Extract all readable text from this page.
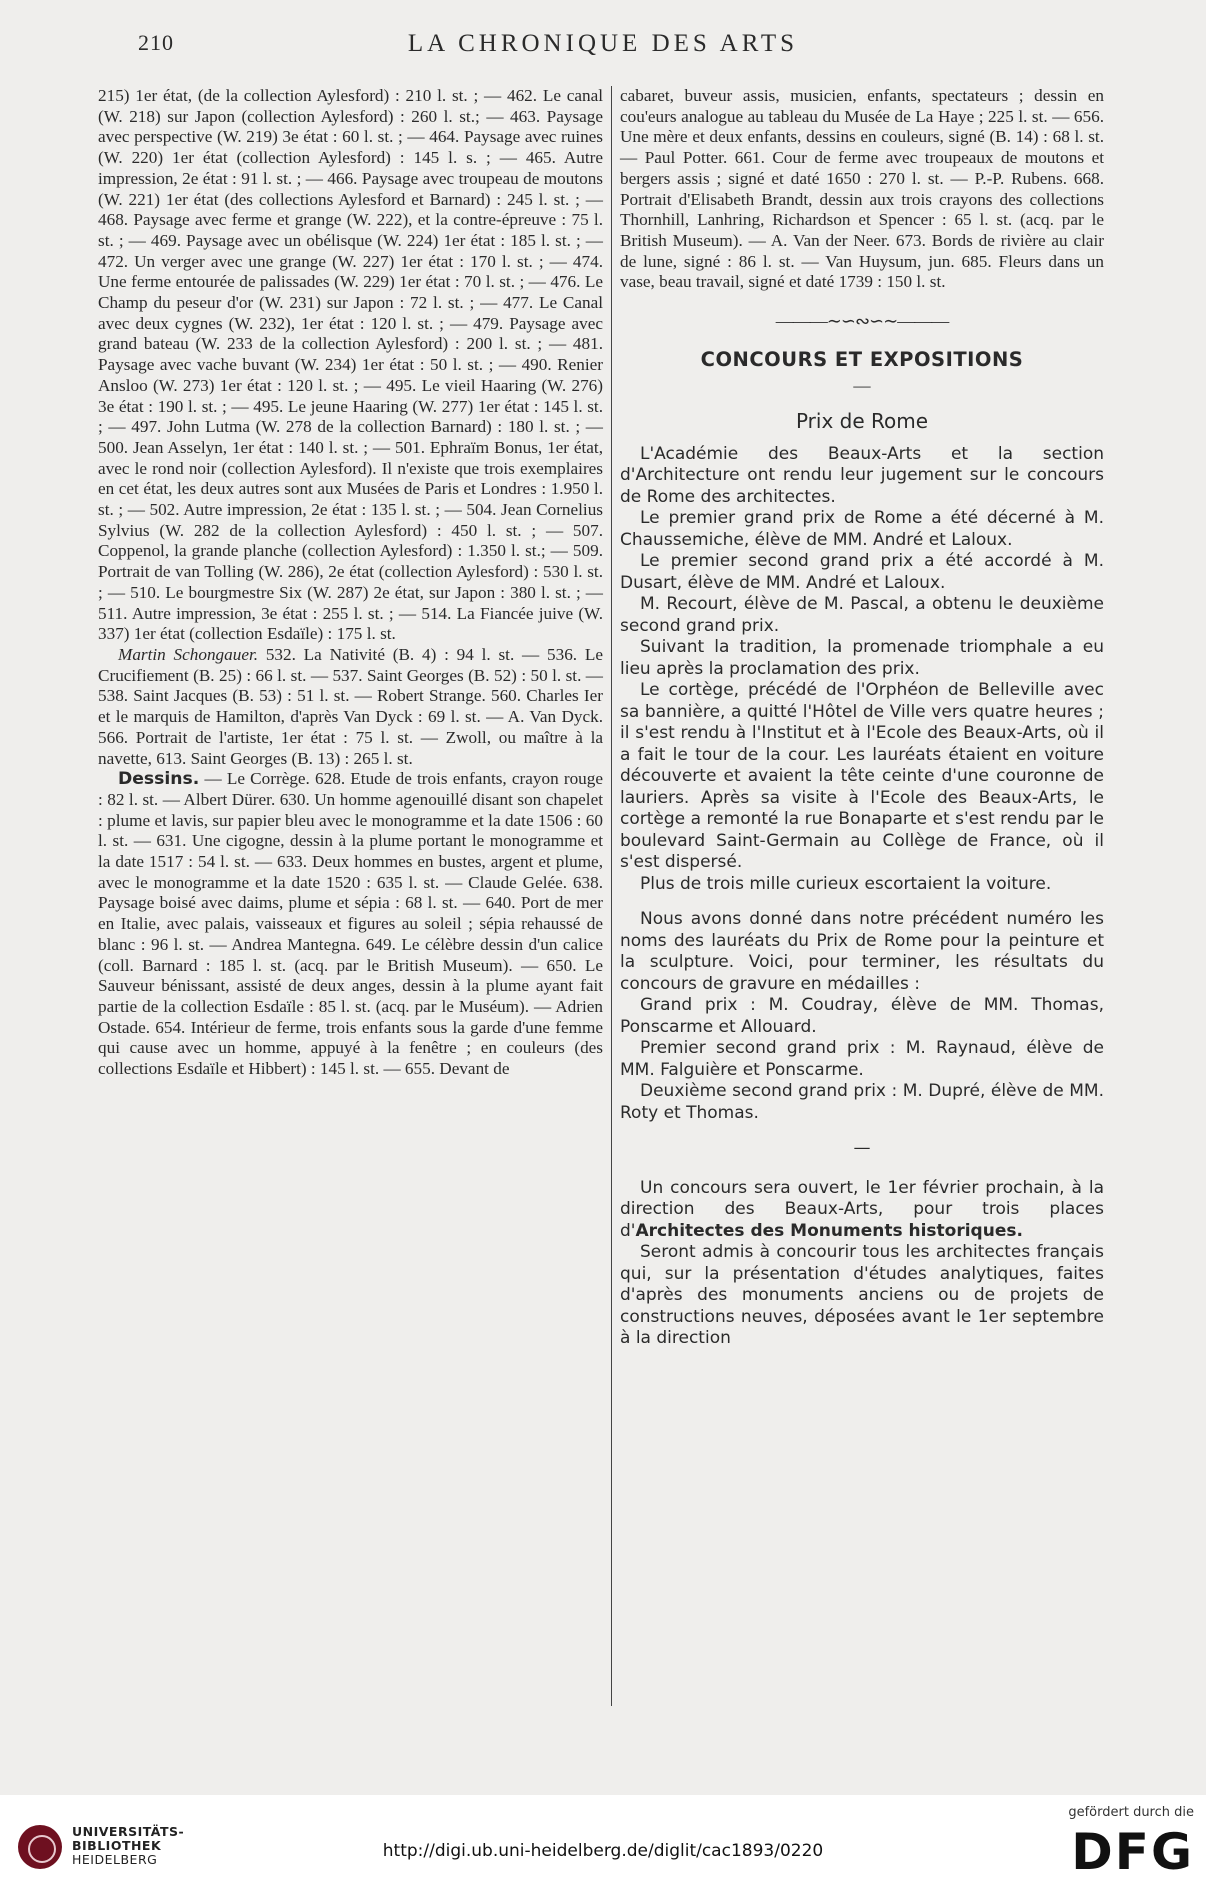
210	LA CHRONIQUE DES ARTS

215) 1er état, (de la collection Aylesford) : 210 l. st. ; — 462. Le canal (W. 218) sur Japon (collection Aylesford) : 260 l. st.; — 463. Paysage avec perspective (W. 219) 3e état : 60 l. st. ; — 464. Paysage avec ruines (W. 220) 1er état (collection Aylesford) : 145 l. s. ; — 465. Autre impression, 2e état : 91 l. st. ; — 466. Paysage avec troupeau de moutons (W. 221) 1er état (des collections Aylesford et Barnard) : 245 l. st. ; — 468. Paysage avec ferme et grange (W. 222), et la contre-épreuve : 75 l. st. ; — 469. Paysage avec un obélisque (W. 224) 1er état : 185 l. st. ; — 472. Un verger avec une grange (W. 227) 1er état : 170 l. st. ; — 474. Une ferme entourée de palissades (W. 229) 1er état : 70 l. st. ; — 476. Le Champ du peseur d'or (W. 231) sur Japon : 72 l. st. ; — 477. Le Canal avec deux cygnes (W. 232), 1er état : 120 l. st. ; — 479. Paysage avec grand bateau (W. 233 de la collection Aylesford) : 200 l. st. ; — 481. Paysage avec vache buvant (W. 234) 1er état : 50 l. st. ; — 490. Renier Ansloo (W. 273) 1er état : 120 l. st. ; — 495. Le vieil Haaring (W. 276) 3e état : 190 l. st. ; — 495. Le jeune Haaring (W. 277) 1er état : 145 l. st. ; — 497. John Lutma (W. 278 de la collection Barnard) : 180 l. st. ; — 500. Jean Asselyn, 1er état : 140 l. st. ; — 501. Ephraïm Bonus, 1er état, avec le rond noir (collection Aylesford). Il n'existe que trois exemplaires en cet état, les deux autres sont aux Musées de Paris et Londres : 1.950 l. st. ; — 502. Autre impression, 2e état : 135 l. st. ; — 504. Jean Cornelius Sylvius (W. 282 de la collection Aylesford) : 450 l. st. ; — 507. Coppenol, la grande planche (collection Aylesford) : 1.350 l. st.; — 509. Portrait de van Tolling (W. 286), 2e état (collection Aylesford) : 530 l. st. ; — 510. Le bourgmestre Six (W. 287) 2e état, sur Japon : 380 l. st. ; — 511. Autre impression, 3e état : 255 l. st. ; — 514. La Fiancée juive (W. 337) 1er état (collection Esdaïle) : 175 l. st.

Martin Schongauer. 532. La Nativité (B. 4) : 94 l. st. — 536. Le Crucifiement (B. 25) : 66 l. st. — 537. Saint Georges (B. 52) : 50 l. st. — 538. Saint Jacques (B. 53) : 51 l. st. — Robert Strange. 560. Charles Ier et le marquis de Hamilton, d'après Van Dyck : 69 l. st. — A. Van Dyck. 566. Portrait de l'artiste, 1er état : 75 l. st. — Zwoll, ou maître à la navette, 613. Saint Georges (B. 13) : 265 l. st.

Dessins. — Le Corrège. 628. Etude de trois enfants, crayon rouge : 82 l. st. — Albert Dürer. 630. Un homme agenouillé disant son chapelet : plume et lavis, sur papier bleu avec le monogramme et la date 1506 : 60 l. st. — 631. Une cigogne, dessin à la plume portant le monogramme et la date 1517 : 54 l. st. — 633. Deux hommes en bustes, argent et plume, avec le monogramme et la date 1520 : 635 l. st. — Claude Gelée. 638. Paysage boisé avec daims, plume et sépia : 68 l. st. — 640. Port de mer en Italie, avec palais, vaisseaux et figures au soleil ; sépia rehaussé de blanc : 96 l. st. — Andrea Mantegna. 649. Le célèbre dessin d'un calice (coll. Barnard : 185 l. st. (acq. par le British Museum). — 650. Le Sauveur bénissant, assisté de deux anges, dessin à la plume ayant fait partie de la collection Esdaïle : 85 l. st. (acq. par le Muséum). — Adrien Ostade. 654. Intérieur de ferme, trois enfants sous la garde d'une femme qui cause avec un homme, appuyé à la fenêtre ; en couleurs (des collections Esdaïle et Hibbert) : 145 l. st. — 655. Devant de

cabaret, buveur assis, musicien, enfants, spectateurs ; dessin en cou'eurs analogue au tableau du Musée de La Haye ; 225 l. st. — 656. Une mère et deux enfants, dessins en couleurs, signé (B. 14) : 68 l. st. — Paul Potter. 661. Cour de ferme avec troupeaux de moutons et bergers assis ; signé et daté 1650 : 270 l. st. — P.-P. Rubens. 668. Portrait d'Elisabeth Brandt, dessin aux trois crayons des collections Thornhill, Lanhring, Richardson et Spencer : 65 l. st. (acq. par le British Museum). — A. Van der Neer. 673. Bords de rivière au clair de lune, signé : 86 l. st. — Van Huysum, jun. 685. Fleurs dans un vase, beau travail, signé et daté 1739 : 150 l. st.

———∼∽∾∽∼———
CONCOURS ET EXPOSITIONS
—
Prix de Rome

L'Académie des Beaux-Arts et la section d'Architecture ont rendu leur jugement sur le concours de Rome des architectes.

Le premier grand prix de Rome a été décerné à M. Chaussemiche, élève de MM. André et Laloux.

Le premier second grand prix a été accordé à M. Dusart, élève de MM. André et Laloux.

M. Recourt, élève de M. Pascal, a obtenu le deuxième second grand prix.

Suivant la tradition, la promenade triomphale a eu lieu après la proclamation des prix.

Le cortège, précédé de l'Orphéon de Belleville avec sa bannière, a quitté l'Hôtel de Ville vers quatre heures ; il s'est rendu à l'Institut et à l'Ecole des Beaux-Arts, où il a fait le tour de la cour. Les lauréats étaient en voiture découverte et avaient la tête ceinte d'une couronne de lauriers. Après sa visite à l'Ecole des Beaux-Arts, le cortège a remonté la rue Bonaparte et s'est rendu par le boulevard Saint-Germain au Collège de France, où il s'est dispersé.

Plus de trois mille curieux escortaient la voiture.

Nous avons donné dans notre précédent numéro les noms des lauréats du Prix de Rome pour la peinture et la sculpture. Voici, pour terminer, les résultats du concours de gravure en médailles :

Grand prix : M. Coudray, élève de MM. Thomas, Ponscarme et Allouard.

Premier second grand prix : M. Raynaud, élève de MM. Falguière et Ponscarme.

Deuxième second grand prix : M. Dupré, élève de MM. Roty et Thomas.

—

Un concours sera ouvert, le 1er février prochain, à la direction des Beaux-Arts, pour trois places d'Architectes des Monuments historiques.

Seront admis à concourir tous les architectes français qui, sur la présentation d'études analytiques, faites d'après des monuments anciens ou de projets de constructions neuves, déposées avant le 1er septembre à la direction

UNIVERSITÄTS-
BIBLIOTHEK
HEIDELBERG	http://digi.ub.uni-heidelberg.de/diglit/cac1893/0220
gefördert durch die
DFG
